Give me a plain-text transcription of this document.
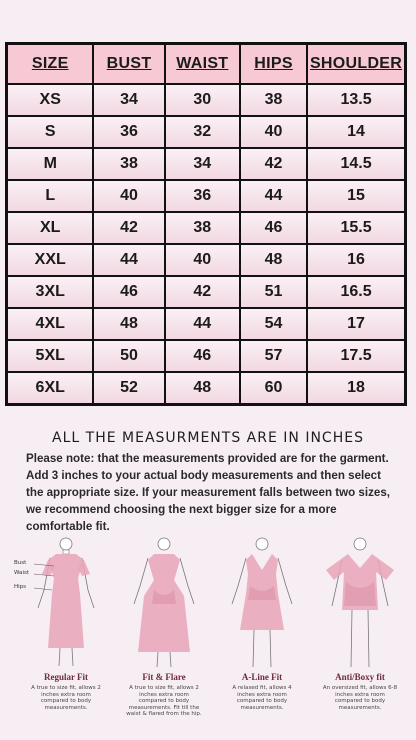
SIZE	BUST	WAIST	HIPS	SHOULDER
XS	34	30	38	13.5
S	36	32	40	14
M	38	34	42	14.5
L	40	36	44	15
XL	42	38	46	15.5
XXL	44	40	48	16
3XL	46	42	51	16.5
4XL	48	44	54	17
5XL	50	46	57	17.5
6XL	52	48	60	18
ALL THE MEASURMENTS ARE IN INCHES
Please note: that the measurements provided are for the garment. Add 3 inches to your actual body measurements and then select the appropriate size. If your measurement falls between two sizes, we recommend choosing the next bigger size for a more comfortable fit.
Bust
Waist
Hips
Regular Fit
A true to size fit, allows 2 inches extra room compared to body measurements.
Fit & Flare
A true to size fit, allows 2 inches extra room compared to body measurements. Fit till the waist & flared from the hip.
A-Line Fit
A relaxed fit, allows 4 inches extra room compared to body measurements.
Anti/Boxy fit
An oversized fit, allows 6-8 inches extra room compared to body measurements.
